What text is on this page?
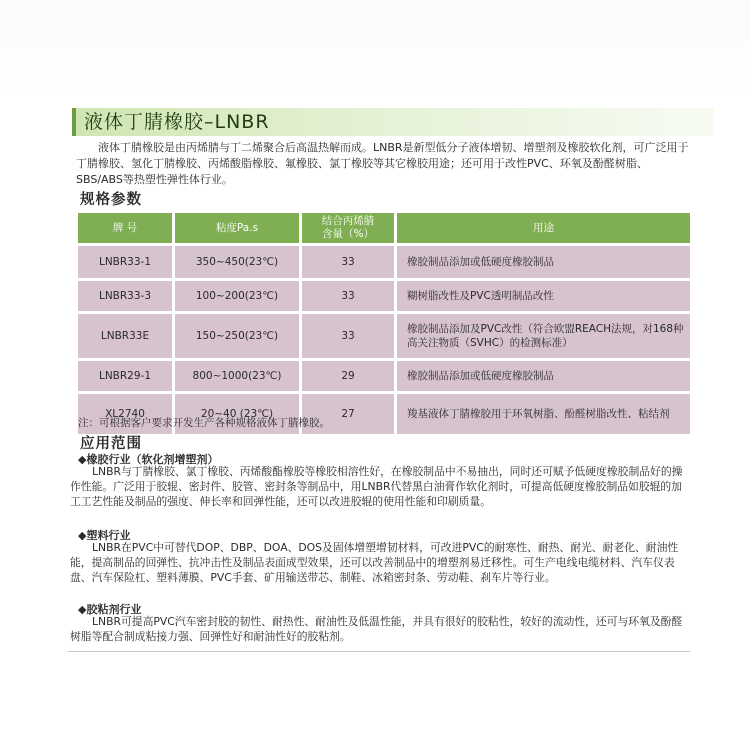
液体丁腈橡胶–LNBR

液体丁腈橡胶是由丙烯腈与丁二烯聚合后高温热解而成。LNBR是新型低分子液体增韧、增塑剂及橡胶软化剂，可广泛用于丁腈橡胶、氢化丁腈橡胶、丙烯酸脂橡胶、氟橡胶、氯丁橡胶等其它橡胶用途；还可用于改性PVC、环氧及酚醛树脂、SBS/ABS等热塑性弹性体行业。

规格参数
牌 号	粘度Pa.s	结合丙烯腈
含量（%）	用途
LNBR33-1	350~450(23℃)	33	橡胶制品添加或低硬度橡胶制品
LNBR33-3	100~200(23℃)	33	糊树脂改性及PVC透明制品改性
LNBR33E	150~250(23℃)	33	橡胶制品添加及PVC改性（符合欧盟REACH法规，对168种高关注物质（SVHC）的检测标准）
LNBR29-1	800~1000(23℃)	29	橡胶制品添加或低硬度橡胶制品
XL2740	20~40 (23℃)	27	羧基液体丁腈橡胶用于环氧树脂、酚醛树脂改性、粘结剂
注：可根据客户要求开发生产各种规格液体丁腈橡胶。
应用范围
◆橡胶行业（软化剂增塑剂）

LNBR与丁腈橡胶、氯丁橡胶、丙烯酸酯橡胶等橡胶相溶性好，在橡胶制品中不易抽出，同时还可赋予低硬度橡胶制品好的操作性能。广泛用于胶辊、密封件、胶管、密封条等制品中，用LNBR代替黑白油膏作软化剂时，可提高低硬度橡胶制品如胶辊的加工工艺性能及制品的强度、伸长率和回弹性能，还可以改进胶辊的使用性能和印刷质量。

◆塑料行业

LNBR在PVC中可替代DOP、DBP、DOA、DOS及固体增塑增韧材料，可改进PVC的耐寒性、耐热、耐光、耐老化、耐油性能，提高制品的回弹性、抗冲击性及制品表面成型效果，还可以改善制品中的增塑剂易迁移性。可生产电线电缆材料、汽车仪表盘、汽车保险杠、塑料薄膜、PVC手套、矿用输送带芯、制鞋、冰箱密封条、劳动鞋、刹车片等行业。

◆胶粘剂行业

LNBR可提高PVC汽车密封胶的韧性、耐热性、耐油性及低温性能，并具有很好的胶粘性，较好的流动性，还可与环氧及酚醛树脂等配合制成粘接力强、回弹性好和耐油性好的胶粘剂。
